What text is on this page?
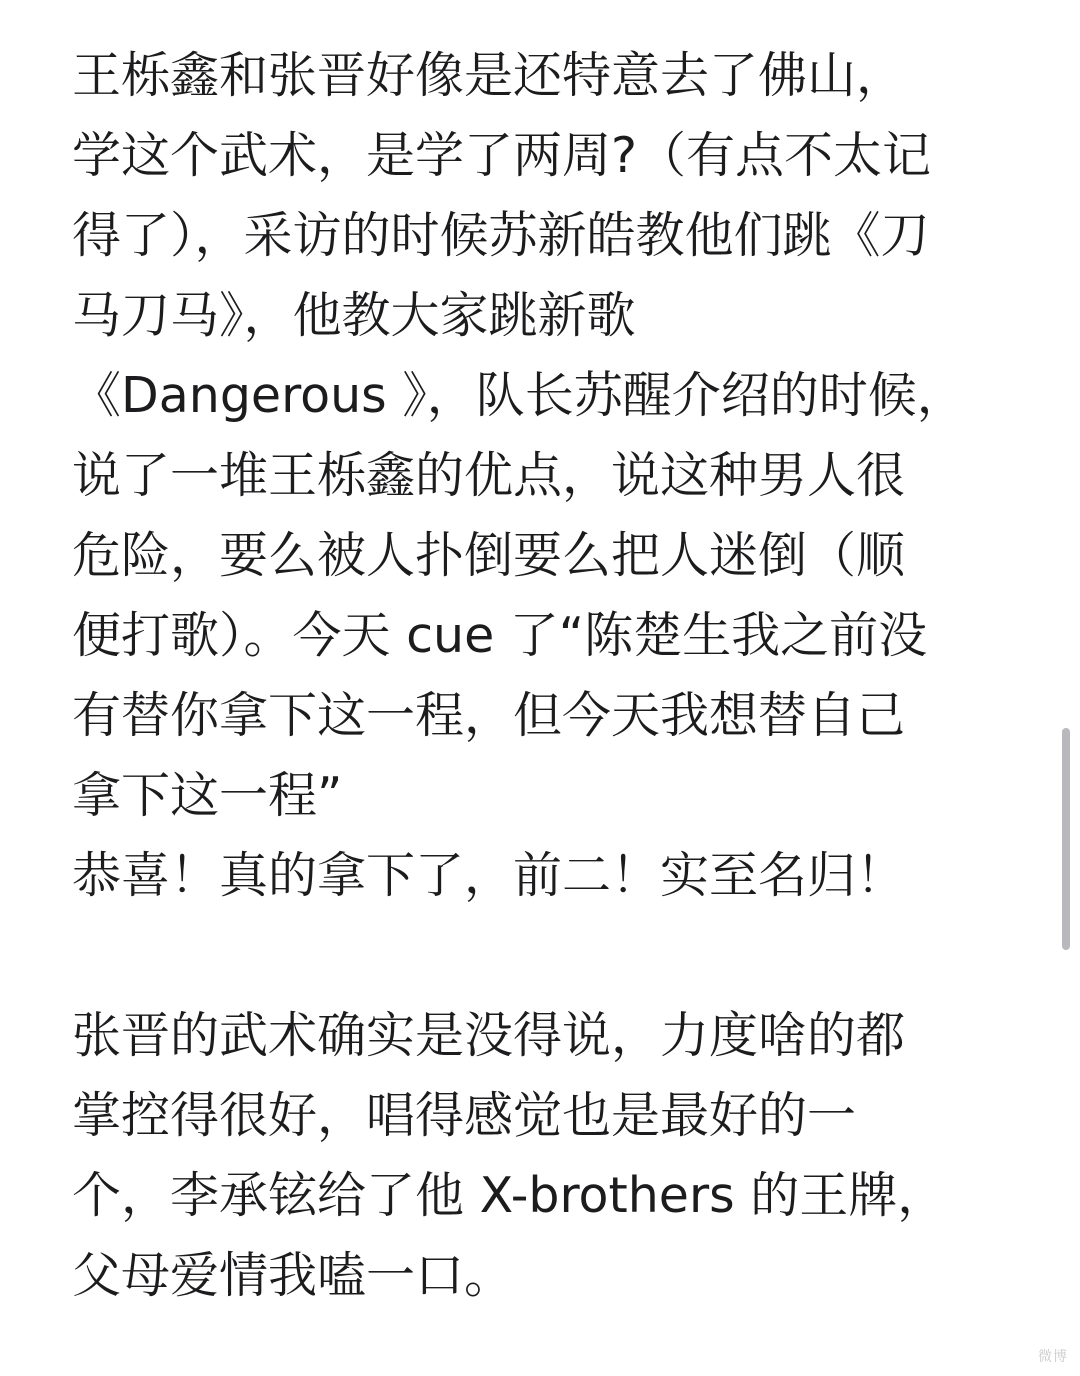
王栎鑫和张晋好像是还特意去了佛山，
学这个武术，是学了两周?（有点不太记
得了），采访的时候苏新皓教他们跳《刀
马刀马》，他教大家跳新歌
《Dangerous 》，队长苏醒介绍的时候，
说了一堆王栎鑫的优点，说这种男人很
危险，要么被人扑倒要么把人迷倒（顺
便打歌）。今天 cue 了“陈楚生我之前没
有替你拿下这一程，但今天我想替自己
拿下这一程”
恭喜！真的拿下了，前二！实至名归！
张晋的武术确实是没得说，力度啥的都
掌控得很好，唱得感觉也是最好的一
个，李承铉给了他 X-brothers 的王牌，
父母爱情我嗑一口。
微博
